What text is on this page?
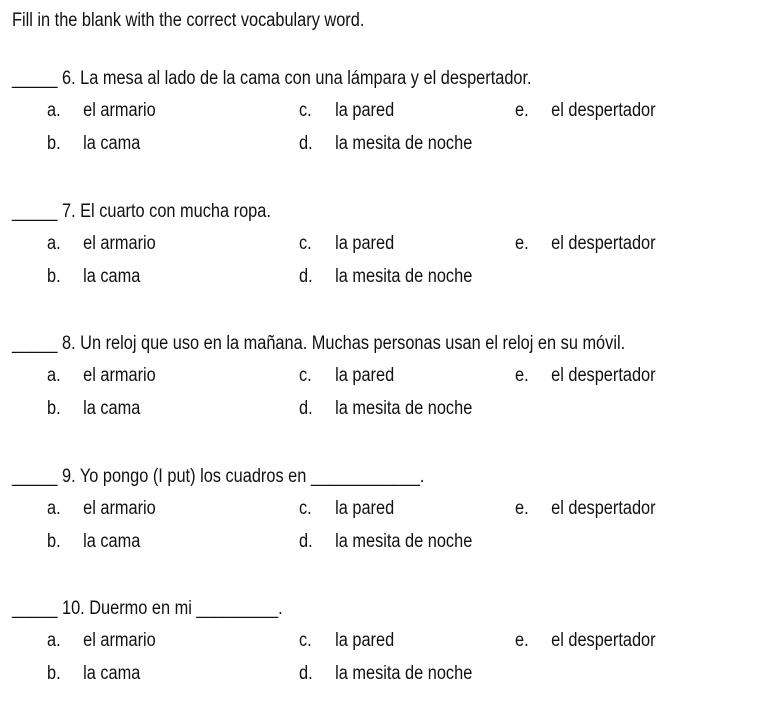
Fill in the blank with the correct vocabulary word.
_____ 6. La mesa al lado de la cama con una lámpara y el despertador.
a. el armario
b. la cama
c. la pared
d. la mesita de noche
e. el despertador
_____ 7. El cuarto con mucha ropa.
a. el armario
b. la cama
c. la pared
d. la mesita de noche
e. el despertador
_____ 8. Un reloj que uso en la mañana. Muchas personas usan el reloj en su móvil.
a. el armario
b. la cama
c. la pared
d. la mesita de noche
e. el despertador
_____ 9. Yo pongo (I put) los cuadros en ____________.
a. el armario
b. la cama
c. la pared
d. la mesita de noche
e. el despertador
_____ 10. Duermo en mi _________.
a. el armario
b. la cama
c. la pared
d. la mesita de noche
e. el despertador
